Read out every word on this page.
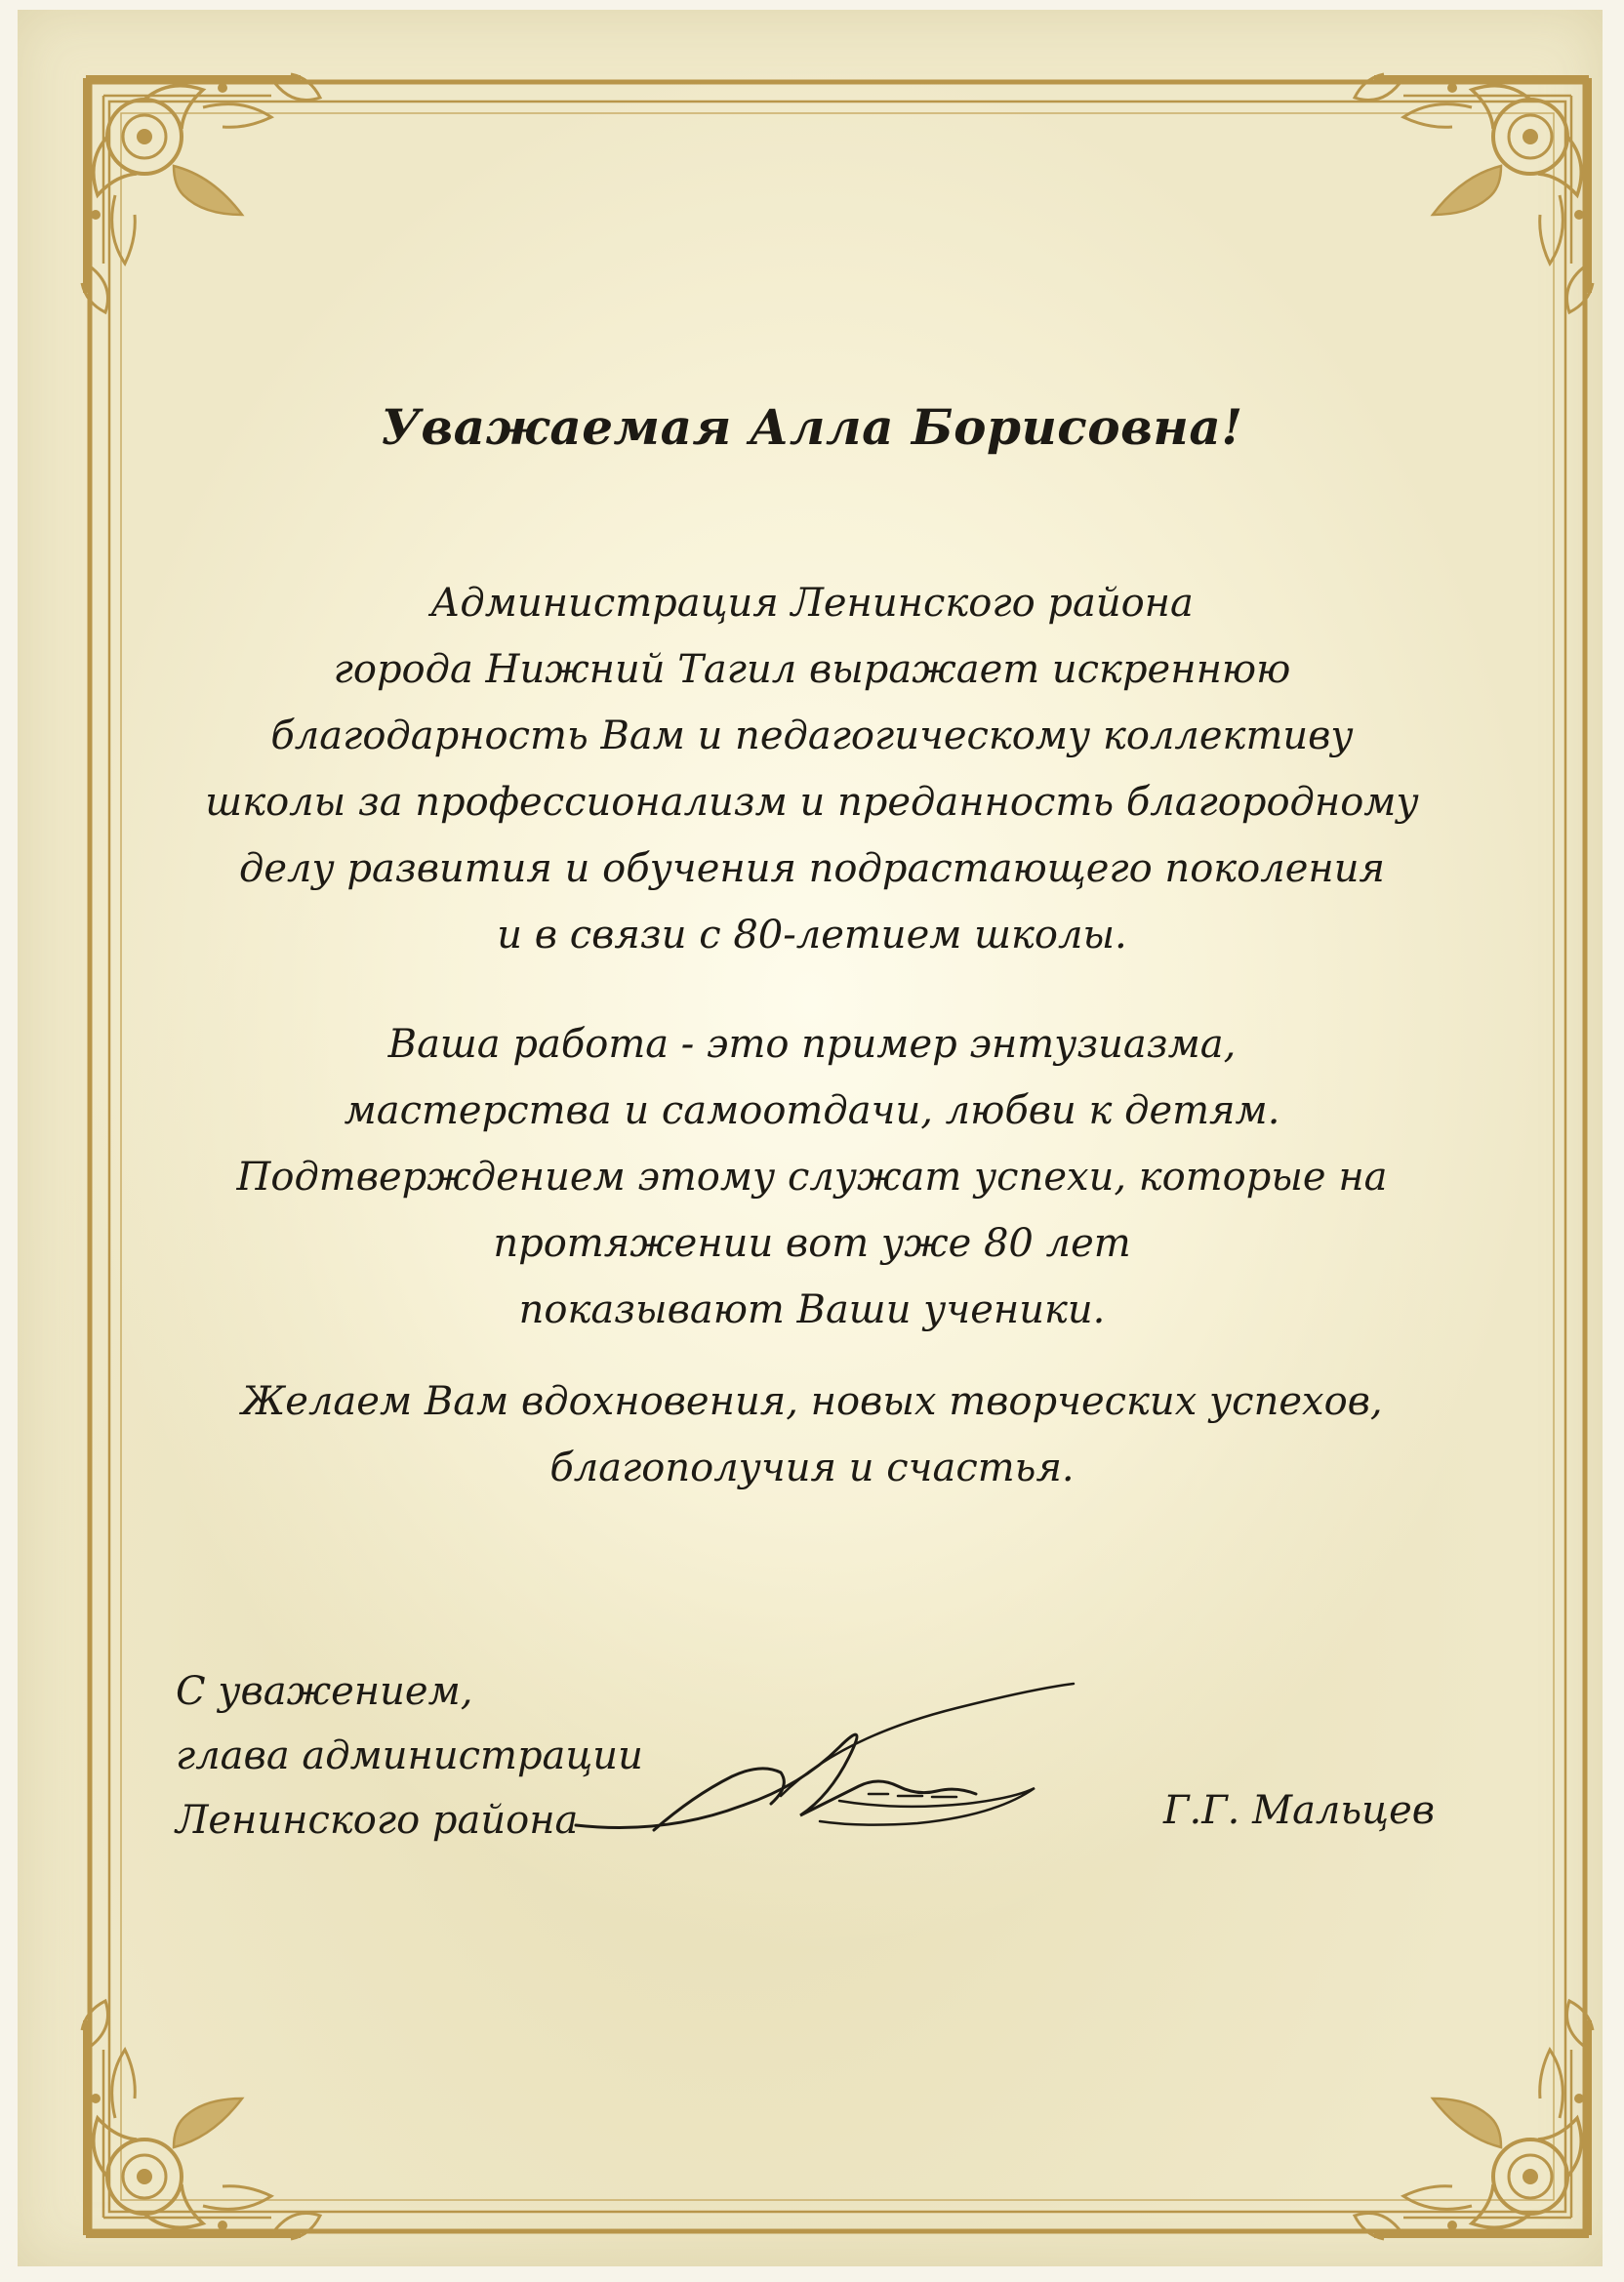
Уважаемая Алла Борисовна!
Администрация Ленинского района
города Нижний Тагил выражает искреннюю
благодарность Вам и педагогическому коллективу
школы за профессионализм и преданность благородному
делу развития и обучения подрастающего поколения
и в связи с 80-летием школы.
Ваша работа - это пример энтузиазма,
мастерства и самоотдачи, любви к детям.
Подтверждением этому служат успехи, которые на
протяжении вот уже 80 лет
показывают Ваши ученики.
Желаем Вам вдохновения, новых творческих успехов,
благополучия и счастья.
С уважением,
глава администрации
Ленинского района	Г.Г. Мальцев
